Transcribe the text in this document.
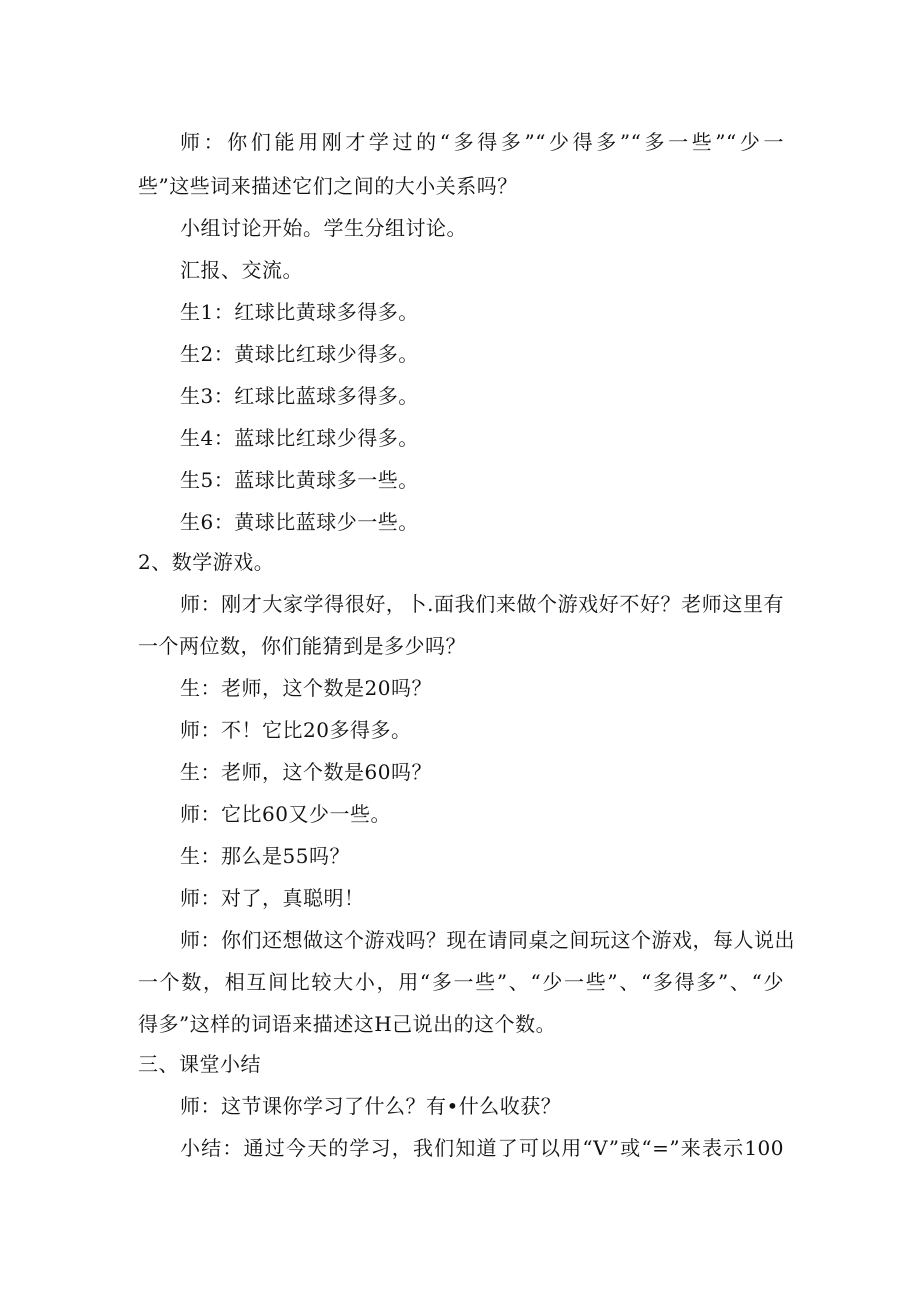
师：你们能用刚才学过的“多得多”“少得多”“多一些”“少一
些”这些词来描述它们之间的大小关系吗？
小组讨论开始。学生分组讨论。
汇报、交流。
生1：红球比黄球多得多。
生2：黄球比红球少得多。
生3：红球比蓝球多得多。
生4：蓝球比红球少得多。
生5：蓝球比黄球多一些。
生6：黄球比蓝球少一些。
2、数学游戏。
师：刚才大家学得很好，卜.面我们来做个游戏好不好？老师这里有
一个两位数，你们能猜到是多少吗？
生：老师，这个数是20吗？
师：不！它比20多得多。
生：老师，这个数是60吗？
师：它比60又少一些。
生：那么是55吗？
师：对了，真聪明！
师：你们还想做这个游戏吗？现在请同桌之间玩这个游戏，每人说出
一个数，相互间比较大小，用“多一些”、“少一些”、“多得多”、“少
得多”这样的词语来描述这H己说出的这个数。
三、课堂小结
师：这节课你学习了什么？有•什么收获？
小结：通过今天的学习，我们知道了可以用“V”或“=”来表示100
